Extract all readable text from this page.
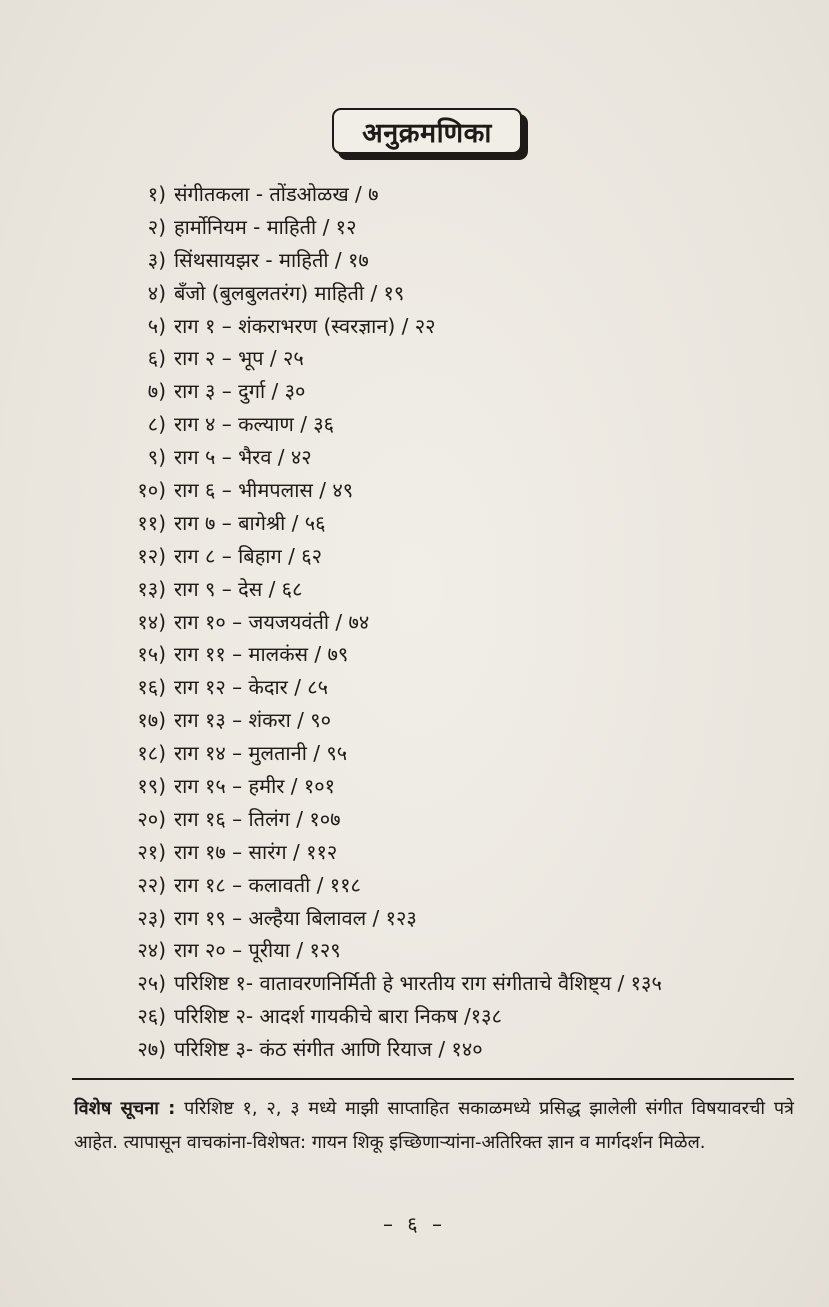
अनुक्रमणिका
१) संगीतकला - तोंडओळख / ७
२) हार्मोनियम - माहिती / १२
३) सिंथसायझर - माहिती / १७
४) बँजो (बुलबुलतरंग) माहिती / १९
५) राग १ – शंकराभरण (स्वरज्ञान) / २२
६) राग २ – भूप / २५
७) राग ३ – दुर्गा / ३०
८) राग ४ – कल्याण / ३६
९) राग ५ – भैरव / ४२
१०) राग ६ – भीमपलास / ४९
११) राग ७ – बागेश्री / ५६
१२) राग ८ – बिहाग / ६२
१३) राग ९ – देस / ६८
१४) राग १० – जयजयवंती / ७४
१५) राग ११ – मालकंस / ७९
१६) राग १२ – केदार / ८५
१७) राग १३ – शंकरा / ९०
१८) राग १४ – मुलतानी / ९५
१९) राग १५ – हमीर / १०१
२०) राग १६ – तिलंग / १०७
२१) राग १७ – सारंग / ११२
२२) राग १८ – कलावती / ११८
२३) राग १९ – अल्हैया बिलावल / १२३
२४) राग २० – पूरीया / १२९
२५) परिशिष्ट १- वातावरणनिर्मिती हे भारतीय राग संगीताचे वैशिष्ट्य / १३५
२६) परिशिष्ट २- आदर्श गायकीचे बारा निकष /१३८
२७) परिशिष्ट ३- कंठ संगीत आणि रियाज / १४०
विशेष सूचना : परिशिष्ट १, २, ३ मध्ये माझी साप्ताहित सकाळमध्ये प्रसिद्ध झालेली संगीत विषयावरची पत्रे आहेत. त्यापासून वाचकांना-विशेषत: गायन शिकू इच्छिणाऱ्यांना-अतिरिक्त ज्ञान व मार्गदर्शन मिळेल.
– ६ –
